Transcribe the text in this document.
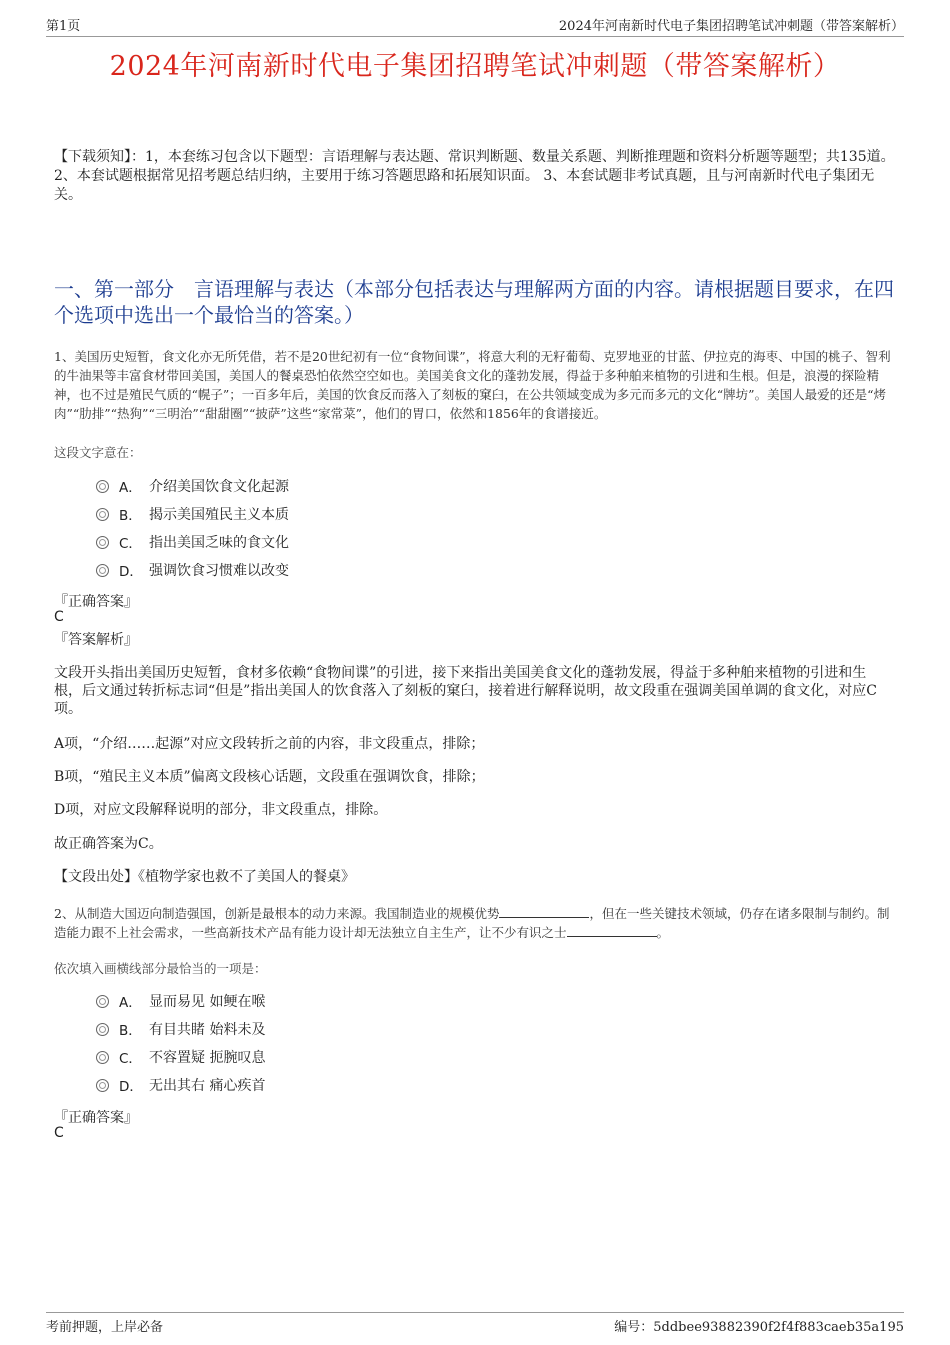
第1页	2024年河南新时代电子集团招聘笔试冲刺题（带答案解析）
2024年河南新时代电子集团招聘笔试冲刺题（带答案解析）
【下载须知】：1，本套练习包含以下题型：言语理解与表达题、常识判断题、数量关系题、判断推理题和资料分析题等题型；共135道。 2、本套试题根据常见招考题总结归纳，主要用于练习答题思路和拓展知识面。 3、本套试题非考试真题，且与河南新时代电子集团无关。
一、第一部分　言语理解与表达（本部分包括表达与理解两方面的内容。请根据题目要求，在四个选项中选出一个最恰当的答案。）
1、美国历史短暂，食文化亦无所凭借，若不是20世纪初有一位“食物间谍”，将意大利的无籽葡萄、克罗地亚的甘蓝、伊拉克的海枣、中国的桃子、智利的牛油果等丰富食材带回美国，美国人的餐桌恐怕依然空空如也。美国美食文化的蓬勃发展，得益于多种舶来植物的引进和生根。但是，浪漫的探险精神，也不过是殖民气质的“幌子”；一百多年后，美国的饮食反而落入了刻板的窠臼，在公共领域变成为多元而多元的文化“牌坊”。美国人最爱的还是“烤肉”“肋排”“热狗”“三明治”“甜甜圈”“披萨”这些“家常菜”，他们的胃口，依然和1856年的食谱接近。
这段文字意在：
A． 介绍美国饮食文化起源
B． 揭示美国殖民主义本质
C． 指出美国乏味的食文化
D． 强调饮食习惯难以改变
『正确答案』
C
『答案解析』

文段开头指出美国历史短暂，食材多依赖“食物间谍”的引进，接下来指出美国美食文化的蓬勃发展，得益于多种舶来植物的引进和生根，后文通过转折标志词“但是”指出美国人的饮食落入了刻板的窠臼，接着进行解释说明，故文段重在强调美国单调的食文化，对应C项。

A项，“介绍……起源”对应文段转折之前的内容，非文段重点，排除；
B项，“殖民主义本质”偏离文段核心话题，文段重在强调饮食，排除；
D项，对应文段解释说明的部分，非文段重点，排除。
故正确答案为C。
【文段出处】《植物学家也救不了美国人的餐桌》
2、从制造大国迈向制造强国，创新是最根本的动力来源。我国制造业的规模优势	，但在一些关键技术领域，仍存在诸多限制与制约。制造能力跟不上社会需求，一些高新技术产品有能力设计却无法独立自主生产，让不少有识之士	。
依次填入画横线部分最恰当的一项是：
A． 显而易见 如鲠在喉
B． 有目共睹 始料未及
C． 不容置疑 扼腕叹息
D． 无出其右 痛心疾首
『正确答案』
C
考前押题，上岸必备	编号：5ddbee93882390f2f4f883caeb35a195
